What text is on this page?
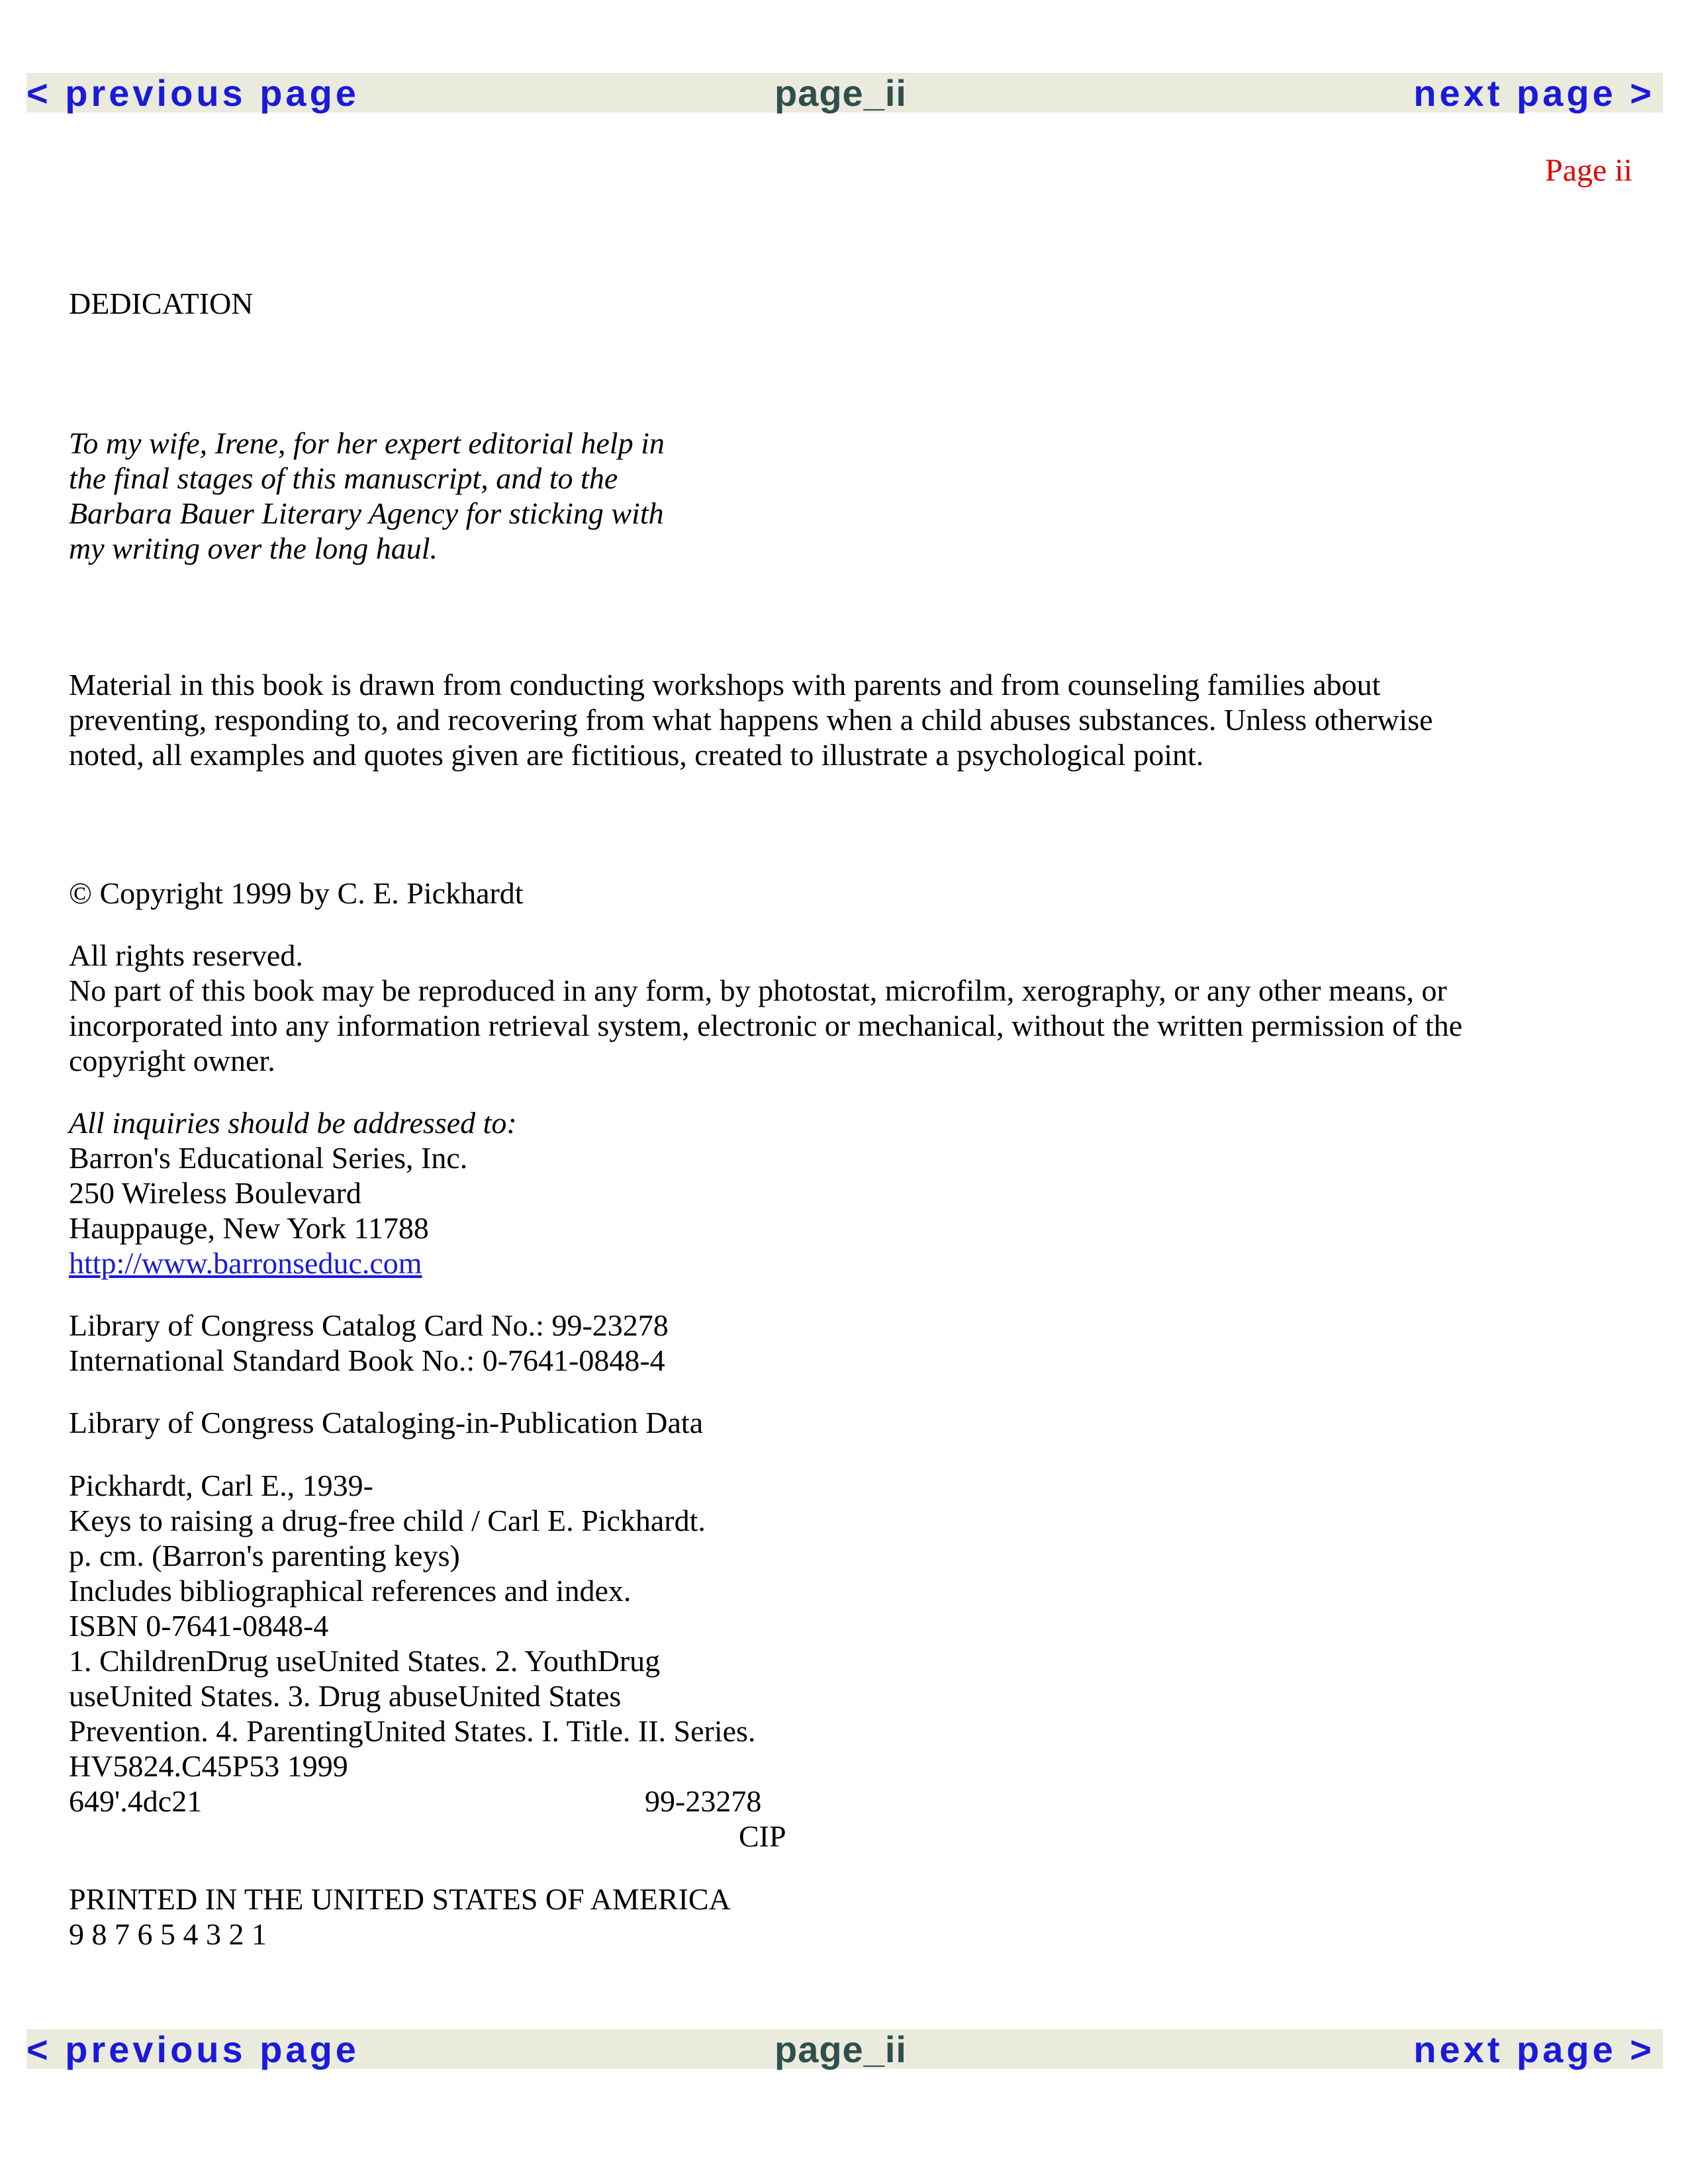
< previous page	page_ii	next page >
Page ii
DEDICATION
To my wife, Irene, for her expert editorial help in
the final stages of this manuscript, and to the
Barbara Bauer Literary Agency for sticking with
my writing over the long haul.
Material in this book is drawn from conducting workshops with parents and from counseling families about
preventing, responding to, and recovering from what happens when a child abuses substances. Unless otherwise
noted, all examples and quotes given are fictitious, created to illustrate a psychological point.
© Copyright 1999 by C. E. Pickhardt
All rights reserved.
No part of this book may be reproduced in any form, by photostat, microfilm, xerography, or any other means, or
incorporated into any information retrieval system, electronic or mechanical, without the written permission of the
copyright owner.
All inquiries should be addressed to:
Barron's Educational Series, Inc.
250 Wireless Boulevard
Hauppauge, New York 11788
http://www.barronseduc.com
Library of Congress Catalog Card No.: 99-23278
International Standard Book No.: 0-7641-0848-4
Library of Congress Cataloging-in-Publication Data
Pickhardt, Carl E., 1939-
Keys to raising a drug-free child / Carl E. Pickhardt.
p. cm. (Barron's parenting keys)
Includes bibliographical references and index.
ISBN 0-7641-0848-4
1. ChildrenDrug useUnited States. 2. YouthDrug
useUnited States. 3. Drug abuseUnited States
Prevention. 4. ParentingUnited States. I. Title. II. Series.
HV5824.C45P53 1999
649'.4dc21	99-23278
CIP
PRINTED IN THE UNITED STATES OF AMERICA
9 8 7 6 5 4 3 2 1
< previous page	page_ii	next page >
